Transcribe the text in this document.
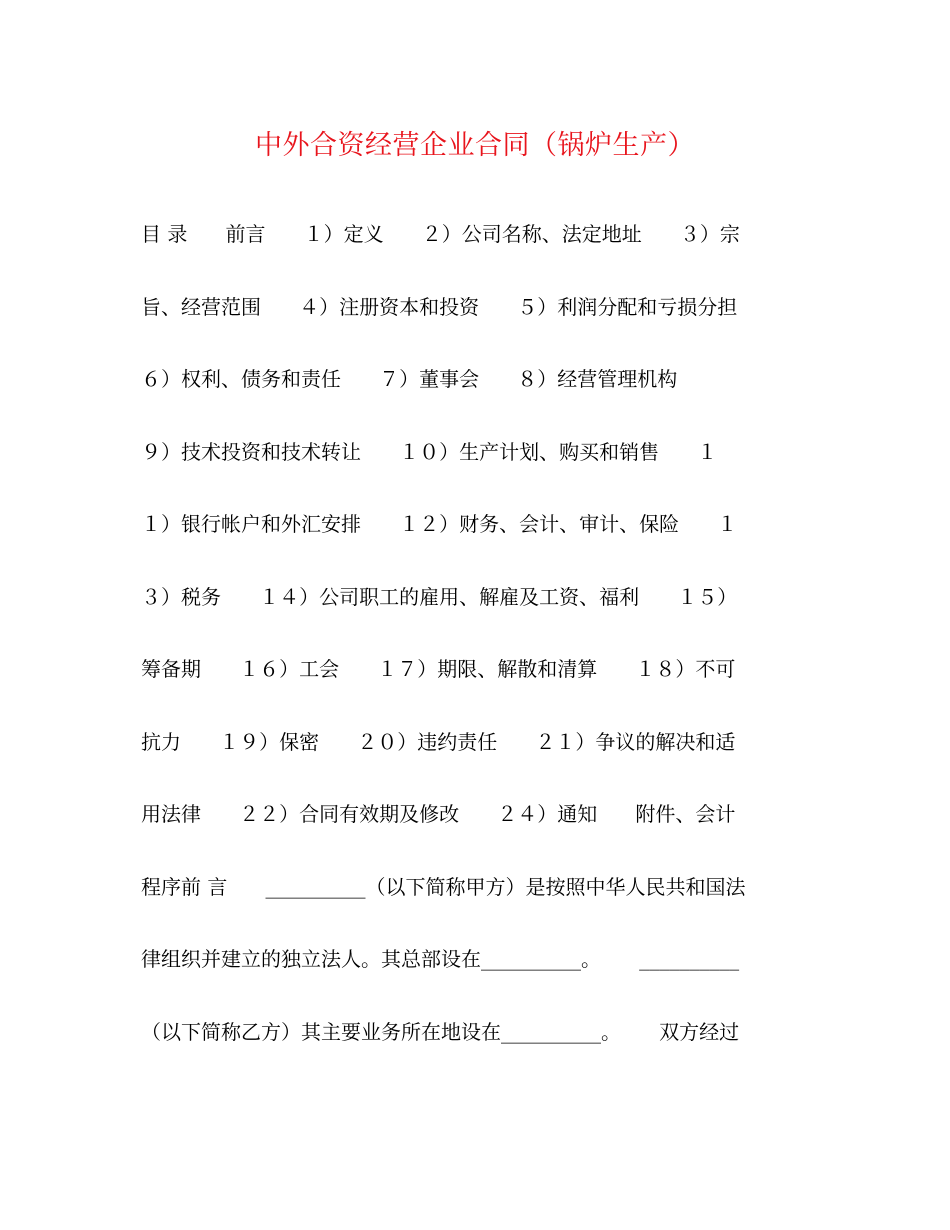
中外合资经营企业合同（锅炉生产）
目 录      前言      １）定义      ２）公司名称、法定地址      ３）宗
旨、经营范围      ４）注册资本和投资      ５）利润分配和亏损分担
６）权利、债务和责任      ７）董事会      ８）经营管理机构
９）技术投资和技术转让      １０）生产计划、购买和销售      １
１）银行帐户和外汇安排      １２）财务、会计、审计、保险      １
３）税务      １４）公司职工的雇用、解雇及工资、福利      １５）
筹备期      １６）工会      １７）期限、解散和清算      １８）不可
抗力      １９）保密      ２０）违约责任      ２１）争议的解决和适
用法律      ２２）合同有效期及修改      ２４）通知      附件、会计
程序前 言      __________（以下简称甲方）是按照中华人民共和国法
律组织并建立的独立法人。其总部设在__________。      __________
（以下简称乙方）其主要业务所在地设在__________。      双方经过
